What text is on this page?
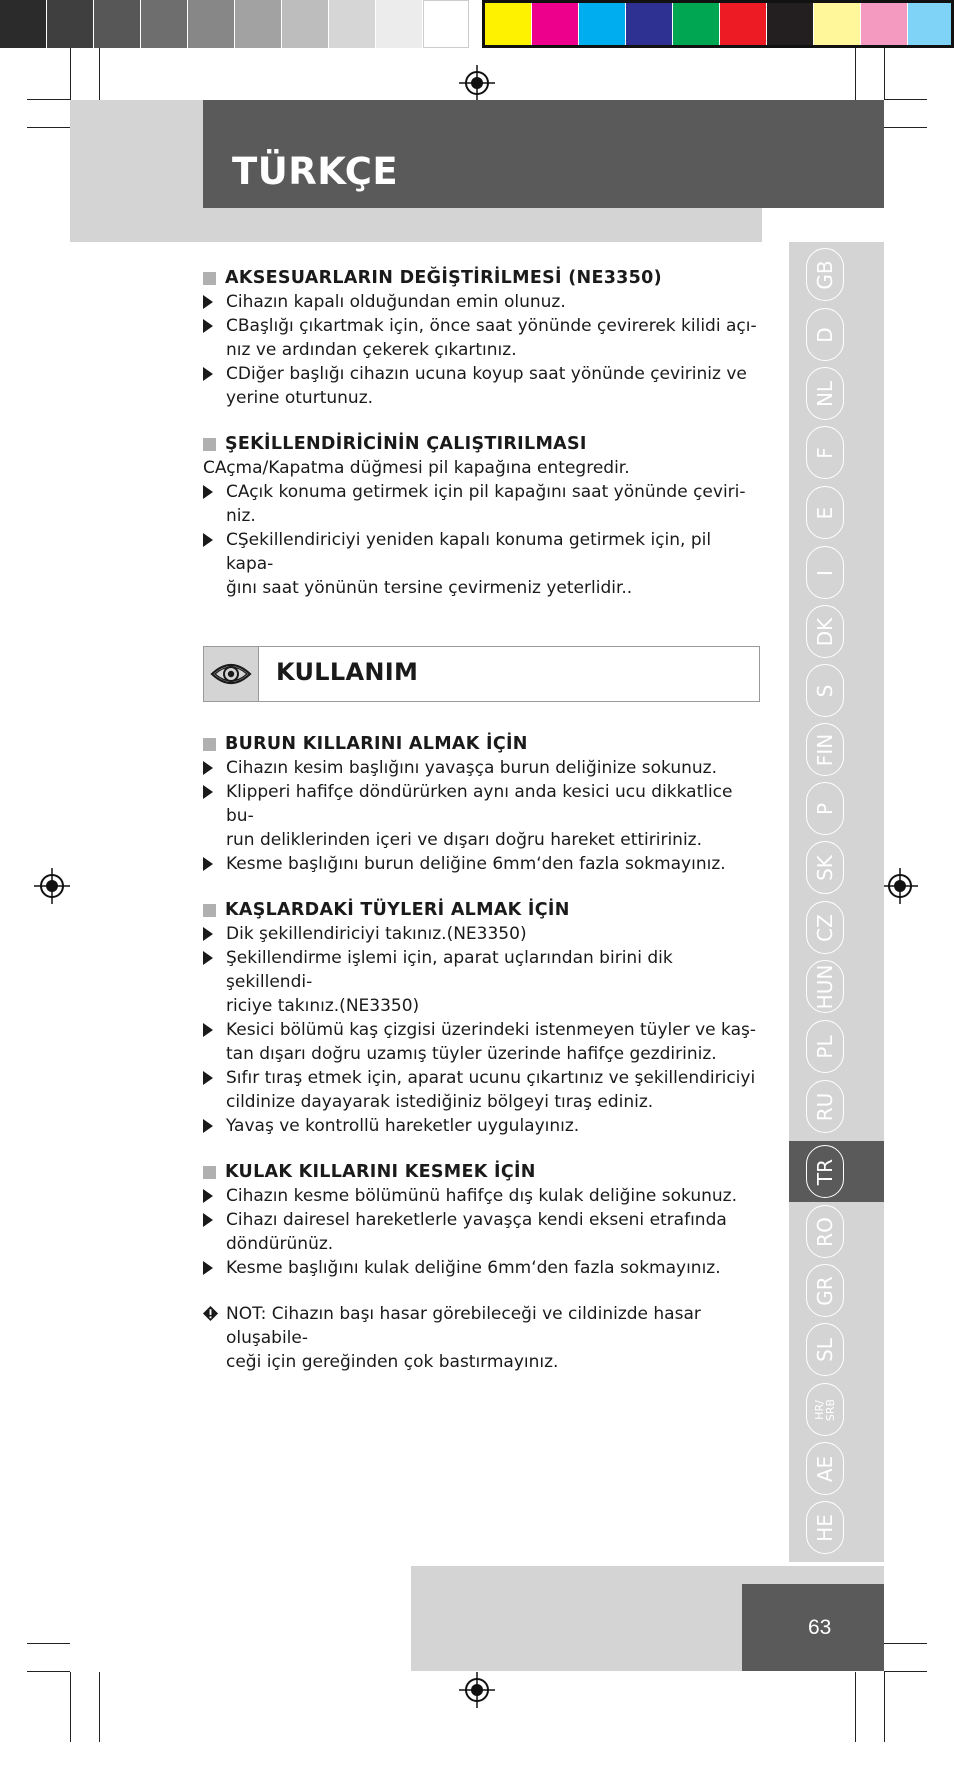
TÜRKÇE
GB
D
NL
F
E
I
DK
S
FIN
P
SK
CZ
HUN
PL
RU
TR
RO
GR
SL
HR/
SRB
AE
HE
AKSESUARLARIN DEĞİŞTİRİLMESİ (NE3350)
Cihazın kapalı olduğundan emin olunuz.
CBaşlığı çıkartmak için, önce saat yönünde çevirerek kilidi açı-
nız ve ardından çekerek çıkartınız.
CDiğer başlığı cihazın ucuna koyup saat yönünde çeviriniz ve
yerine oturtunuz.
ŞEKİLLENDİRİCİNİN ÇALIŞTIRILMASI
CAçma/Kapatma düğmesi pil kapağına entegredir.
CAçık konuma getirmek için pil kapağını saat yönünde çeviri-
niz.
CŞekillendiriciyi yeniden kapalı konuma getirmek için, pil kapa-
ğını saat yönünün tersine çevirmeniz yeterlidir..
KULLANIM
BURUN KILLARINI ALMAK İÇİN
Cihazın kesim başlığını yavaşça burun deliğinize sokunuz.
Klipperi hafifçe döndürürken aynı anda kesici ucu dikkatlice bu-
run deliklerinden içeri ve dışarı doğru hareket ettiririniz.
Kesme başlığını burun deliğine 6mm‘den fazla sokmayınız.
KAŞLARDAKİ TÜYLERİ ALMAK İÇİN
Dik şekillendiriciyi takınız.(NE3350)
Şekillendirme işlemi için, aparat uçlarından birini dik şekillendi-
riciye takınız.(NE3350)
Kesici bölümü kaş çizgisi üzerindeki istenmeyen tüyler ve kaş-
tan dışarı doğru uzamış tüyler üzerinde hafifçe gezdiriniz.
Sıfır tıraş etmek için, aparat ucunu çıkartınız ve şekillendiriciyi
cildinize dayayarak istediğiniz bölgeyi tıraş ediniz.
Yavaş ve kontrollü hareketler uygulayınız.
KULAK KILLARINI KESMEK İÇİN
Cihazın kesme bölümünü hafifçe dış kulak deliğine sokunuz.
Cihazı dairesel hareketlerle yavaşça kendi ekseni etrafında
döndürünüz.
Kesme başlığını kulak deliğine 6mm‘den fazla sokmayınız.
NOT: Cihazın başı hasar görebileceği ve cildinizde hasar oluşabile-
ceği için gereğinden çok bastırmayınız.
63
